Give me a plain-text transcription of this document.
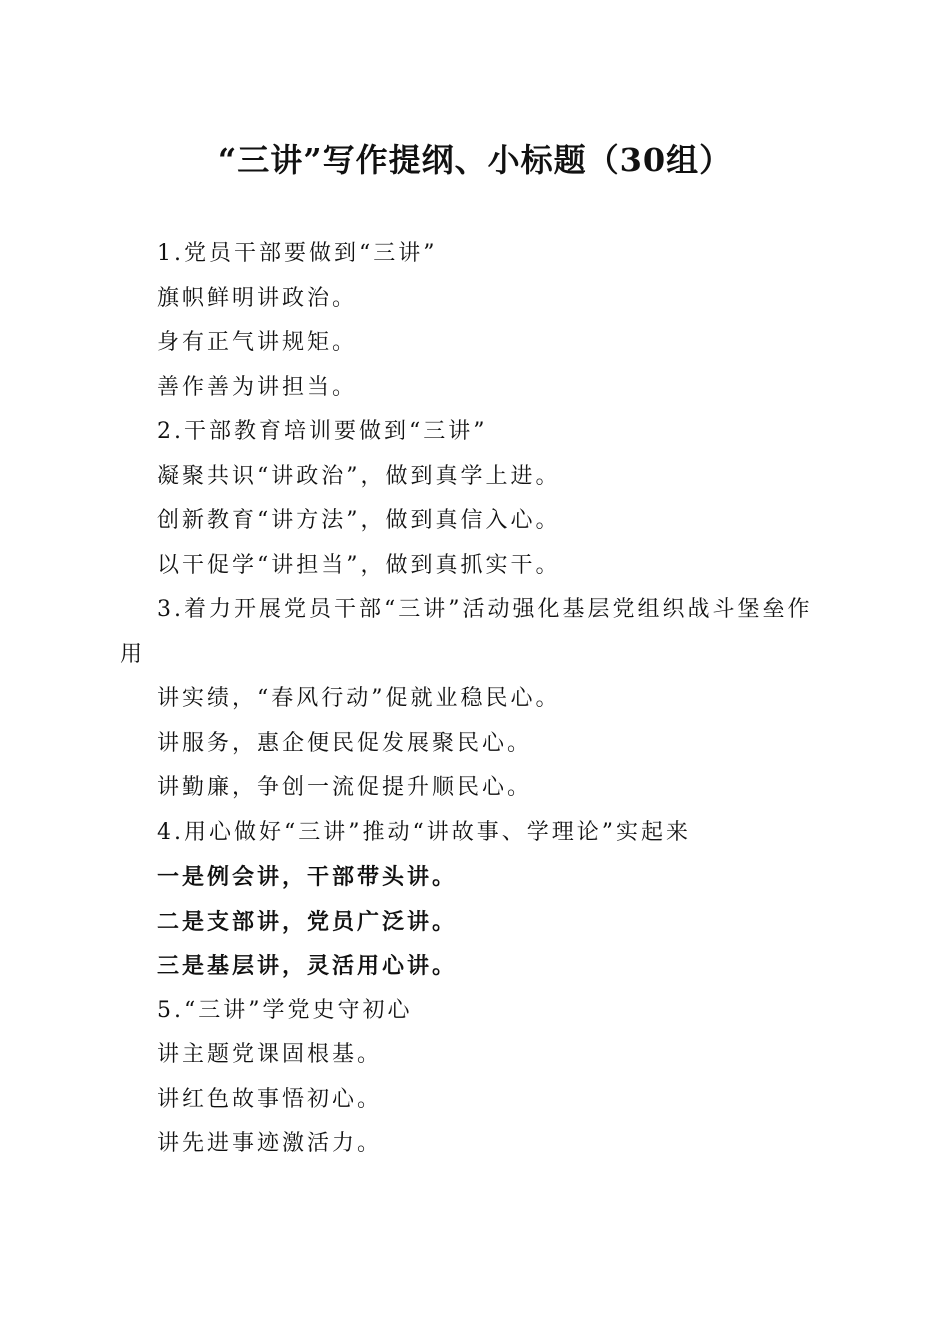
“三讲”写作提纲、小标题（30组）
1.党员干部要做到“三讲”
旗帜鲜明讲政治。
身有正气讲规矩。
善作善为讲担当。
2.干部教育培训要做到“三讲”
凝聚共识“讲政治”，做到真学上进。
创新教育“讲方法”，做到真信入心。
以干促学“讲担当”，做到真抓实干。
3.着力开展党员干部“三讲”活动强化基层党组织战斗堡垒作用
讲实绩，“春风行动”促就业稳民心。
讲服务，惠企便民促发展聚民心。
讲勤廉，争创一流促提升顺民心。
4.用心做好“三讲”推动“讲故事、学理论”实起来
一是例会讲，干部带头讲。
二是支部讲，党员广泛讲。
三是基层讲，灵活用心讲。
5.“三讲”学党史守初心
讲主题党课固根基。
讲红色故事悟初心。
讲先进事迹激活力。
